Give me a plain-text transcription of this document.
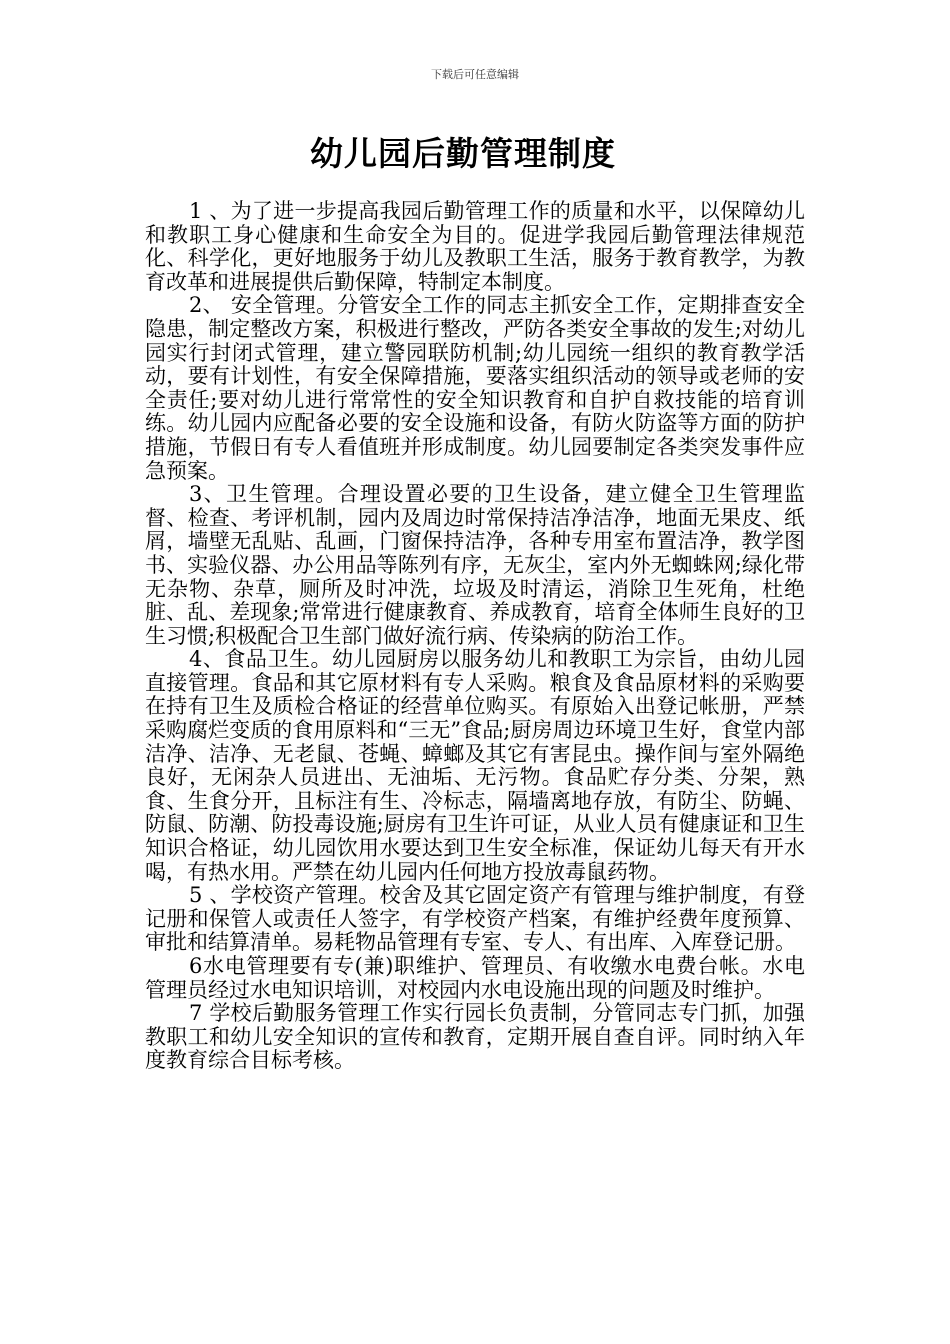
下载后可任意编辑
幼儿园后勤管理制度

1 、为了进一步提高我园后勤管理工作的质量和水平，以保障幼儿和教职工身心健康和生命安全为目的。促进学我园后勤管理法律规范化、科学化，更好地服务于幼儿及教职工生活，服务于教育教学，为教育改革和进展提供后勤保障，特制定本制度。

2、 安全管理。分管安全工作的同志主抓安全工作，定期排查安全隐患，制定整改方案，积极进行整改，严防各类安全事故的发生;对幼儿园实行封闭式管理，建立警园联防机制;幼儿园统一组织的教育教学活动，要有计划性，有安全保障措施，要落实组织活动的领导或老师的安全责任;要对幼儿进行常常性的安全知识教育和自护自救技能的培育训练。幼儿园内应配备必要的安全设施和设备，有防火防盗等方面的防护措施，节假日有专人看值班并形成制度。幼儿园要制定各类突发事件应急预案。

3、卫生管理。合理设置必要的卫生设备，建立健全卫生管理监督、检查、考评机制，园内及周边时常保持洁净洁净，地面无果皮、纸屑，墙壁无乱贴、乱画，门窗保持洁净，各种专用室布置洁净，教学图书、实验仪器、办公用品等陈列有序，无灰尘，室内外无蜘蛛网;绿化带无杂物、杂草，厕所及时冲洗，垃圾及时清运，消除卫生死角，杜绝脏、乱、差现象;常常进行健康教育、养成教育，培育全体师生良好的卫生习惯;积极配合卫生部门做好流行病、传染病的防治工作。

4、食品卫生。幼儿园厨房以服务幼儿和教职工为宗旨，由幼儿园直接管理。食品和其它原材料有专人采购。粮食及食品原材料的采购要在持有卫生及质检合格证的经营单位购买。有原始入出登记帐册，严禁采购腐烂变质的食用原料和“三无”食品;厨房周边环境卫生好，食堂内部洁净、洁净、无老鼠、苍蝇、蟑螂及其它有害昆虫。操作间与室外隔绝良好，无闲杂人员进出、无油垢、无污物。食品贮存分类、分架，熟食、生食分开，且标注有生、冷标志，隔墙离地存放，有防尘、防蝇、防鼠、防潮、防投毒设施;厨房有卫生许可证，从业人员有健康证和卫生知识合格证，幼儿园饮用水要达到卫生安全标准，保证幼儿每天有开水喝，有热水用。严禁在幼儿园内任何地方投放毒鼠药物。

5 、学校资产管理。校舍及其它固定资产有管理与维护制度，有登记册和保管人或责任人签字，有学校资产档案，有维护经费年度预算、审批和结算清单。易耗物品管理有专室、专人、有出库、入库登记册。

6水电管理要有专(兼)职维护、管理员、有收缴水电费台帐。水电管理员经过水电知识培训，对校园内水电设施出现的问题及时维护。

7 学校后勤服务管理工作实行园长负责制，分管同志专门抓，加强教职工和幼儿安全知识的宣传和教育，定期开展自查自评。同时纳入年度教育综合目标考核。
